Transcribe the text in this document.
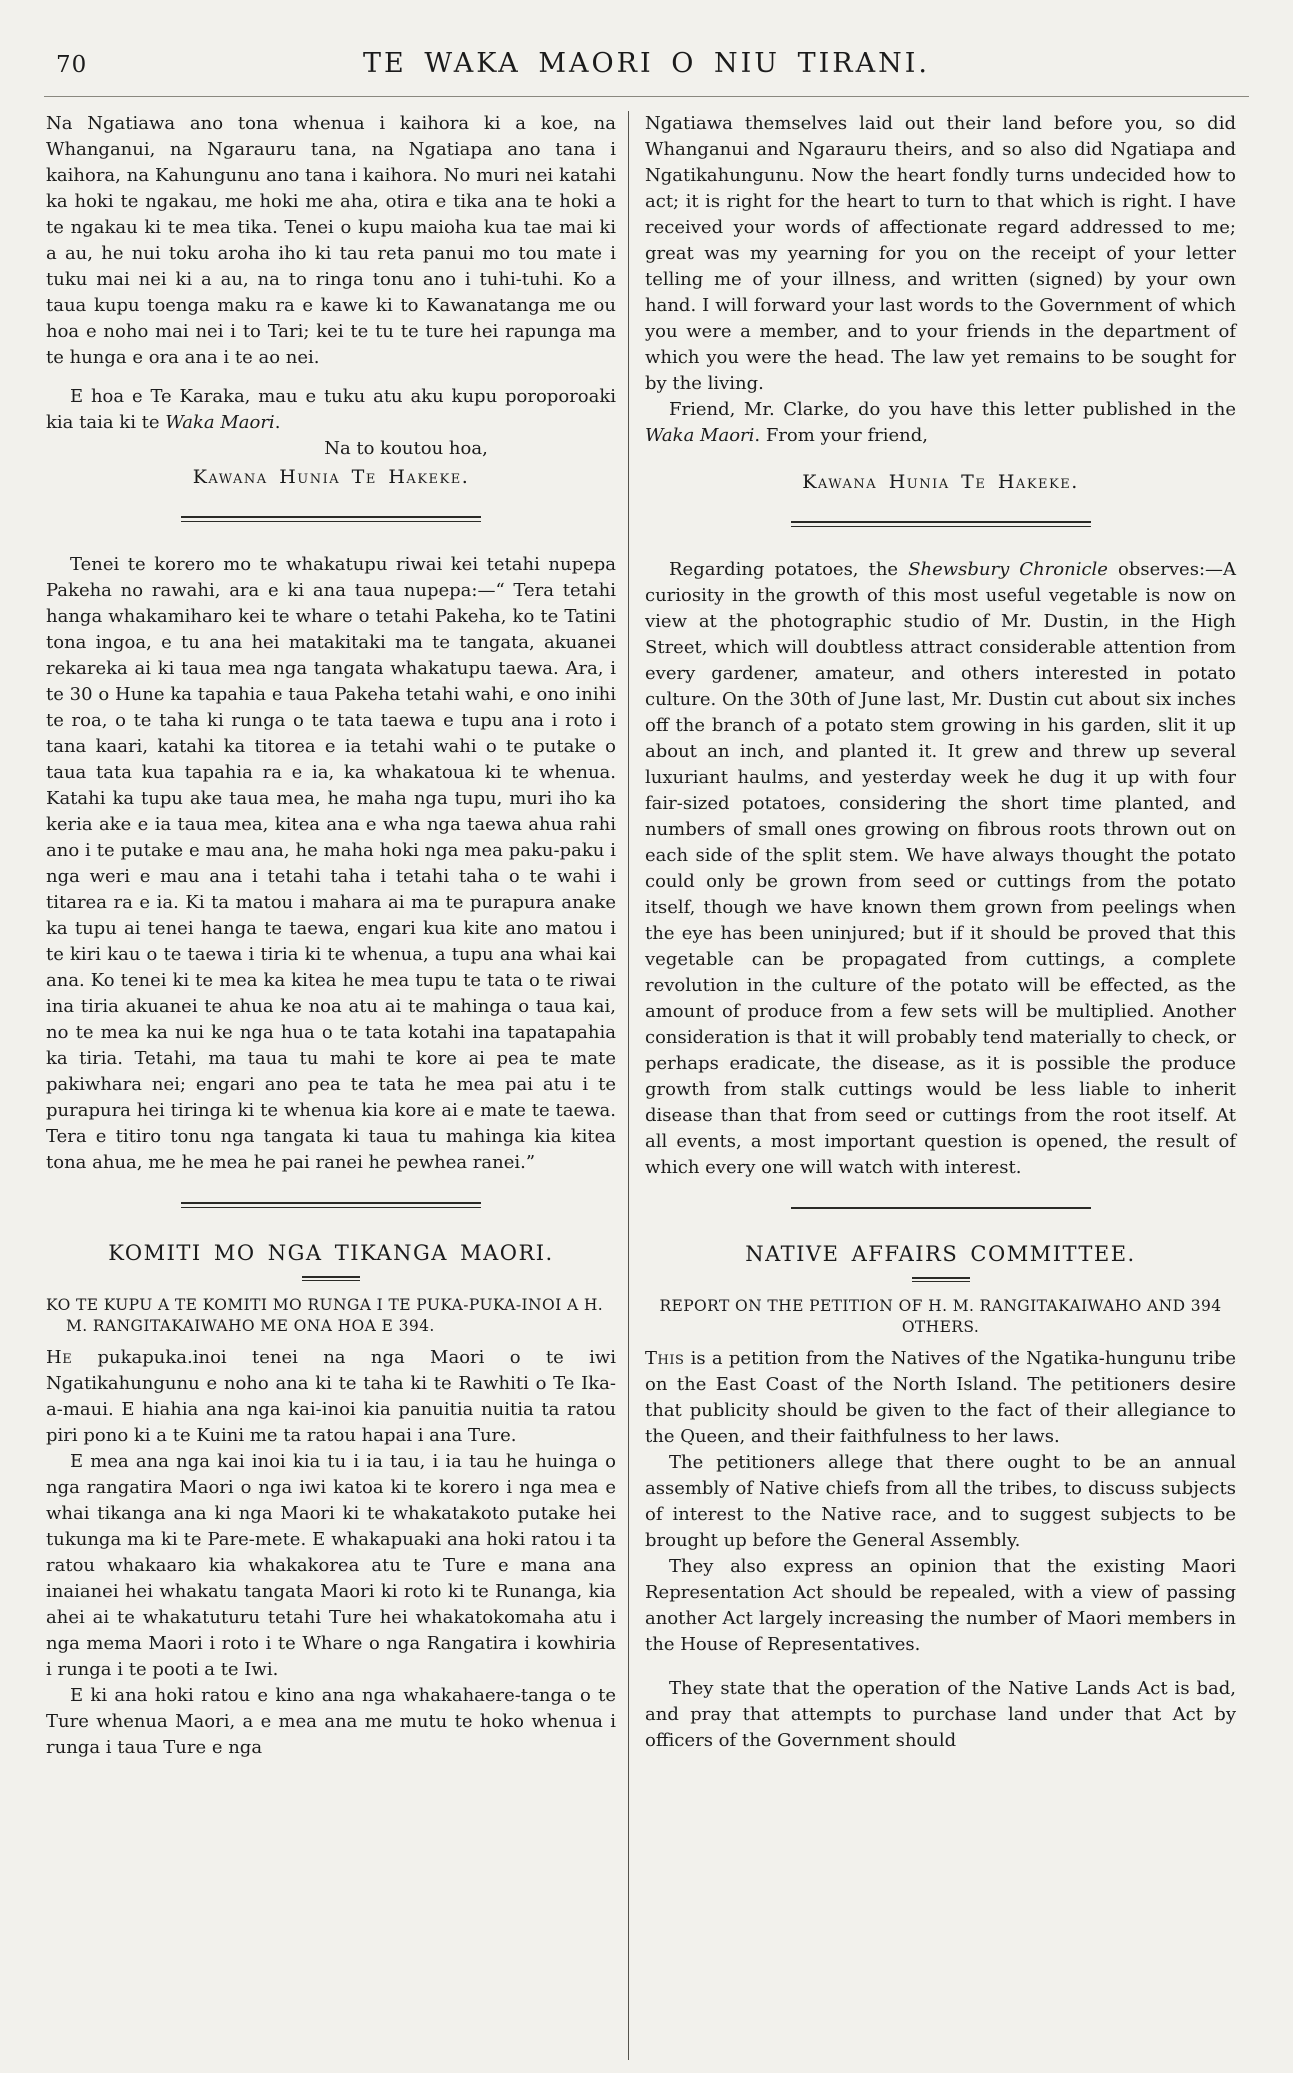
70	TE WAKA MAORI O NIU TIRANI.

Na Ngatiawa ano tona whenua i kaihora ki a koe, na Whanganui, na Ngarauru tana, na Ngatiapa ano tana i kaihora, na Kahungunu ano tana i kaihora. No muri nei katahi ka hoki te ngakau, me hoki me aha, otira e tika ana te hoki a te ngakau ki te mea tika. Tenei o kupu maioha kua tae mai ki a au, he nui toku aroha iho ki tau reta panui mo tou mate i tuku mai nei ki a au, na to ringa tonu ano i tuhi-tuhi. Ko a taua kupu toenga maku ra e kawe ki to Kawanatanga me ou hoa e noho mai nei i to Tari; kei te tu te ture hei rapunga ma te hunga e ora ana i te ao nei.

E hoa e Te Karaka, mau e tuku atu aku kupu poroporoaki kia taia ki te Waka Maori.

Na to koutou hoa,

Kawana Hunia Te Hakeke.

Tenei te korero mo te whakatupu riwai kei tetahi nupepa Pakeha no rawahi, ara e ki ana taua nupepa:—“ Tera tetahi hanga whakamiharo kei te whare o tetahi Pakeha, ko te Tatini tona ingoa, e tu ana hei matakitaki ma te tangata, akuanei rekareka ai ki taua mea nga tangata whakatupu taewa. Ara, i te 30 o Hune ka tapahia e taua Pakeha tetahi wahi, e ono inihi te roa, o te taha ki runga o te tata taewa e tupu ana i roto i tana kaari, katahi ka titorea e ia tetahi wahi o te putake o taua tata kua tapahia ra e ia, ka whakatoua ki te whenua. Katahi ka tupu ake taua mea, he maha nga tupu, muri iho ka keria ake e ia taua mea, kitea ana e wha nga taewa ahua rahi ano i te putake e mau ana, he maha hoki nga mea paku-paku i nga weri e mau ana i tetahi taha i tetahi taha o te wahi i titarea ra e ia. Ki ta matou i mahara ai ma te purapura anake ka tupu ai tenei hanga te taewa, engari kua kite ano matou i te kiri kau o te taewa i tiria ki te whenua, a tupu ana whai kai ana. Ko tenei ki te mea ka kitea he mea tupu te tata o te riwai ina tiria akuanei te ahua ke noa atu ai te mahinga o taua kai, no te mea ka nui ke nga hua o te tata kotahi ina tapatapahia ka tiria. Tetahi, ma taua tu mahi te kore ai pea te mate pakiwhara nei; engari ano pea te tata he mea pai atu i te purapura hei tiringa ki te whenua kia kore ai e mate te taewa. Tera e titiro tonu nga tangata ki taua tu mahinga kia kitea tona ahua, me he mea he pai ranei he pewhea ranei.”

KOMITI MO NGA TIKANGA MAORI.

KO TE KUPU A TE KOMITI MO RUNGA I TE PUKA-PUKA-INOI A H. M. RANGITAKAIWAHO ME ONA HOA E 394.

He pukapuka.inoi tenei na nga Maori o te iwi Ngatikahungunu e noho ana ki te taha ki te Rawhiti o Te Ika-a-maui. E hiahia ana nga kai-inoi kia panuitia nuitia ta ratou piri pono ki a te Kuini me ta ratou hapai i ana Ture.

E mea ana nga kai inoi kia tu i ia tau, i ia tau he huinga o nga rangatira Maori o nga iwi katoa ki te korero i nga mea e whai tikanga ana ki nga Maori ki te whakatakoto putake hei tukunga ma ki te Pare-mete. E whakapuaki ana hoki ratou i ta ratou whakaaro kia whakakorea atu te Ture e mana ana inaianei hei whakatu tangata Maori ki roto ki te Runanga, kia ahei ai te whakatuturu tetahi Ture hei whakatokomaha atu i nga mema Maori i roto i te Whare o nga Rangatira i kowhiria i runga i te pooti a te Iwi.

E ki ana hoki ratou e kino ana nga whakahaere-tanga o te Ture whenua Maori, a e mea ana me mutu te hoko whenua i runga i taua Ture e nga

Ngatiawa themselves laid out their land before you, so did Whanganui and Ngarauru theirs, and so also did Ngatiapa and Ngatikahungunu. Now the heart fondly turns undecided how to act; it is right for the heart to turn to that which is right. I have received your words of affectionate regard addressed to me; great was my yearning for you on the receipt of your letter telling me of your illness, and written (signed) by your own hand. I will forward your last words to the Government of which you were a member, and to your friends in the department of which you were the head. The law yet remains to be sought for by the living.

Friend, Mr. Clarke, do you have this letter published in the Waka Maori. From your friend,

Kawana Hunia Te Hakeke.

Regarding potatoes, the Shewsbury Chronicle observes:—A curiosity in the growth of this most useful vegetable is now on view at the photographic studio of Mr. Dustin, in the High Street, which will doubtless attract considerable attention from every gardener, amateur, and others interested in potato culture. On the 30th of June last, Mr. Dustin cut about six inches off the branch of a potato stem growing in his garden, slit it up about an inch, and planted it. It grew and threw up several luxuriant haulms, and yesterday week he dug it up with four fair-sized potatoes, considering the short time planted, and numbers of small ones growing on fibrous roots thrown out on each side of the split stem. We have always thought the potato could only be grown from seed or cuttings from the potato itself, though we have known them grown from peelings when the eye has been uninjured; but if it should be proved that this vegetable can be propagated from cuttings, a complete revolution in the culture of the potato will be effected, as the amount of produce from a few sets will be multiplied. Another consideration is that it will probably tend materially to check, or perhaps eradicate, the disease, as it is possible the produce growth from stalk cuttings would be less liable to inherit disease than that from seed or cuttings from the root itself. At all events, a most important question is opened, the result of which every one will watch with interest.

NATIVE AFFAIRS COMMITTEE.

REPORT ON THE PETITION OF H. M. RANGITAKAIWAHO AND 394 OTHERS.

This is a petition from the Natives of the Ngatika-hungunu tribe on the East Coast of the North Island. The petitioners desire that publicity should be given to the fact of their allegiance to the Queen, and their faithfulness to her laws.

The petitioners allege that there ought to be an annual assembly of Native chiefs from all the tribes, to discuss subjects of interest to the Native race, and to suggest subjects to be brought up before the General Assembly.

They also express an opinion that the existing Maori Representation Act should be repealed, with a view of passing another Act largely increasing the number of Maori members in the House of Representatives.

They state that the operation of the Native Lands Act is bad, and pray that attempts to purchase land under that Act by officers of the Government should
